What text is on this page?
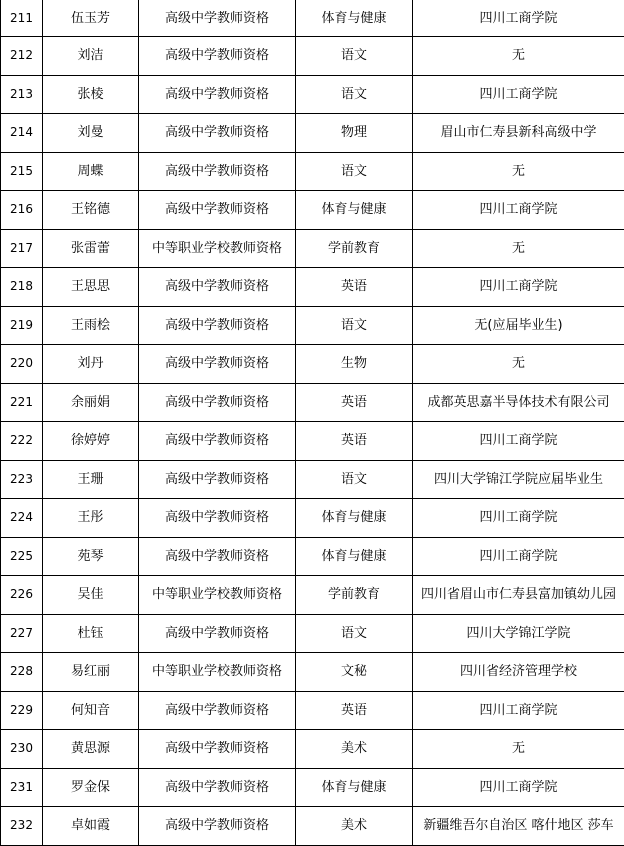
211	伍玉芳	高级中学教师资格	体育与健康	四川工商学院
212	刘洁	高级中学教师资格	语文	无
213	张棱	高级中学教师资格	语文	四川工商学院
214	刘曼	高级中学教师资格	物理	眉山市仁寿县新科高级中学
215	周蝶	高级中学教师资格	语文	无
216	王铭德	高级中学教师资格	体育与健康	四川工商学院
217	张雷蕾	中等职业学校教师资格	学前教育	无
218	王思思	高级中学教师资格	英语	四川工商学院
219	王雨桧	高级中学教师资格	语文	无(应届毕业生)
220	刘丹	高级中学教师资格	生物	无
221	余丽娟	高级中学教师资格	英语	成都英思嘉半导体技术有限公司
222	徐婷婷	高级中学教师资格	英语	四川工商学院
223	王珊	高级中学教师资格	语文	四川大学锦江学院应届毕业生
224	王彤	高级中学教师资格	体育与健康	四川工商学院
225	苑琴	高级中学教师资格	体育与健康	四川工商学院
226	吴佳	中等职业学校教师资格	学前教育	四川省眉山市仁寿县富加镇幼儿园
227	杜钰	高级中学教师资格	语文	四川大学锦江学院
228	易红丽	中等职业学校教师资格	文秘	四川省经济管理学校
229	何知音	高级中学教师资格	英语	四川工商学院
230	黄思源	高级中学教师资格	美术	无
231	罗金保	高级中学教师资格	体育与健康	四川工商学院
232	卓如霞	高级中学教师资格	美术	新疆维吾尔自治区 喀什地区 莎车
